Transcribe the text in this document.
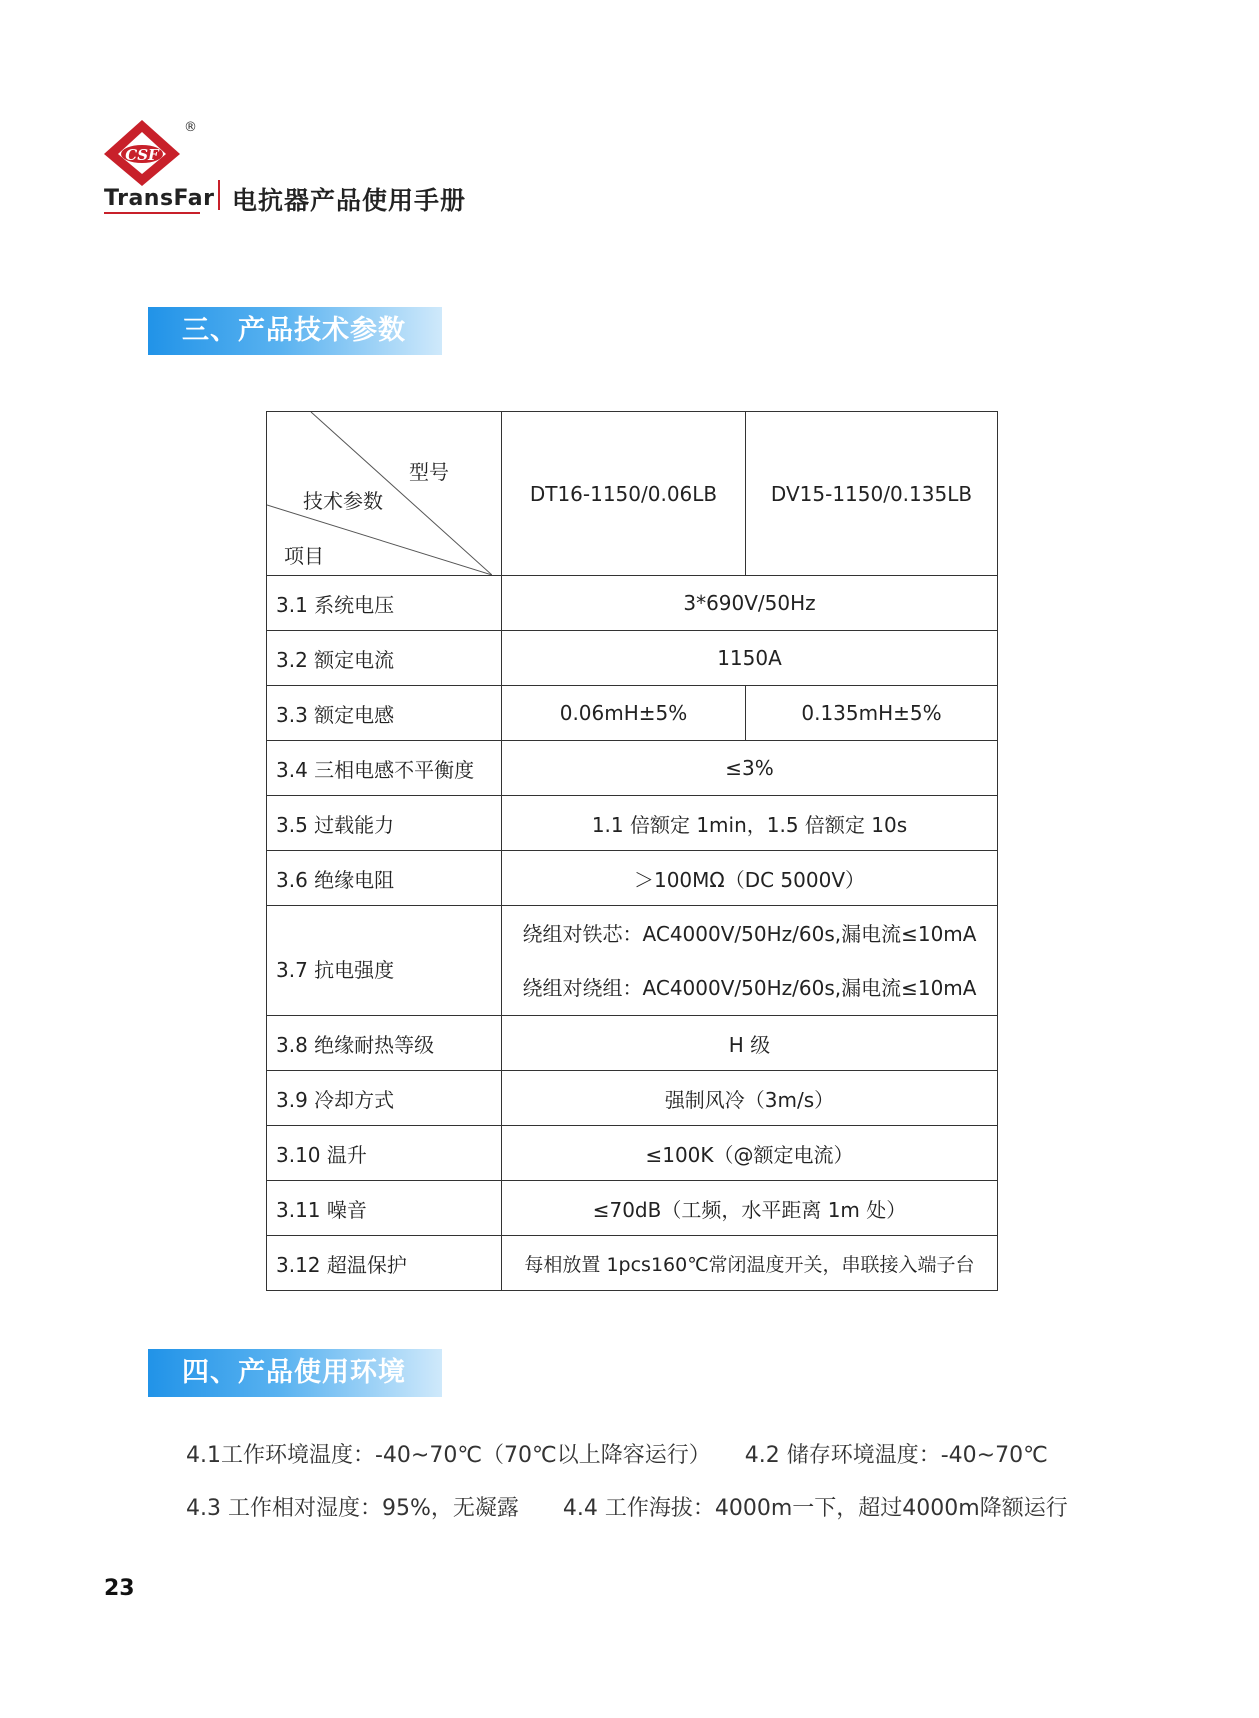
CSF
®
TransFar 电抗器产品使用手册
三、产品技术参数
型号
技术参数
项目	DT16-1150/0.06LB	DV15-1150/0.135LB
3.1 系统电压	3*690V/50Hz	
3.2 额定电流	1150A	
3.3 额定电感	0.06mH±5%	0.135mH±5%
3.4 三相电感不平衡度	≤3%	
3.5 过载能力	1.1 倍额定 1min，1.5 倍额定 10s	
3.6 绝缘电阻	＞100MΩ（DC 5000V）	
3.7 抗电强度	绕组对铁芯：AC4000V/50Hz/60s,漏电流≤10mA
绕组对绕组：AC4000V/50Hz/60s,漏电流≤10mA	

3.8 绝缘耐热等级	H 级	
3.9 冷却方式	强制风冷（3m/s）	
3.10 温升	≤100K（@额定电流）	
3.11 噪音	≤70dB（工频，水平距离 1m 处）	
3.12 超温保护	每相放置 1pcs160℃常闭温度开关，串联接入端子台	
四、产品使用环境
4.1工作环境温度：-40~70℃（70℃以上降容运行） 4.2 储存环境温度：-40~70℃
4.3 工作相对湿度：95%，无凝露 4.4 工作海拔：4000m一下，超过4000m降额运行
23
